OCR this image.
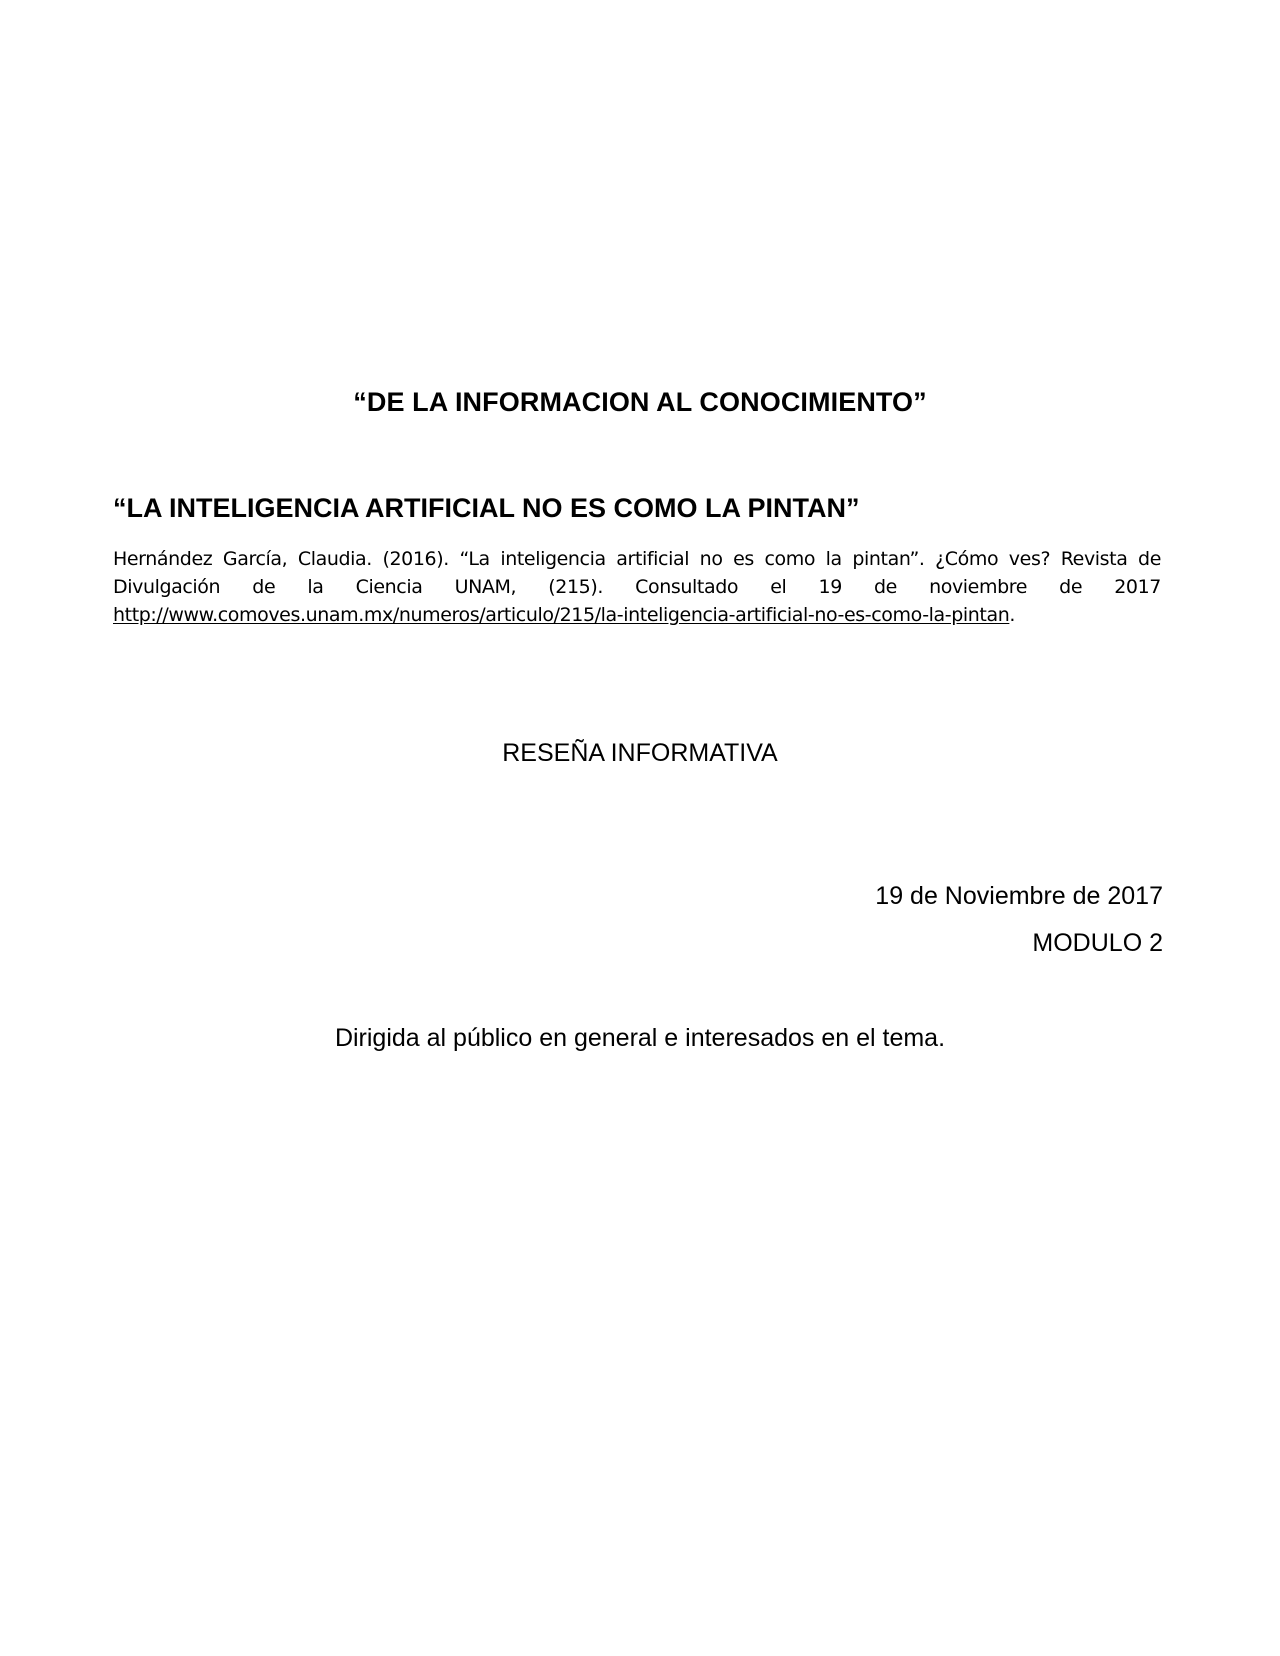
“DE LA INFORMACION AL CONOCIMIENTO”
“LA INTELIGENCIA ARTIFICIAL NO ES COMO LA PINTAN”
Hernández García, Claudia. (2016). “La inteligencia artificial no es como la pintan”. ¿Cómo ves? Revista de
Divulgación de la Ciencia UNAM, (215). Consultado el 19 de noviembre de 2017
http://www.comoves.unam.mx/numeros/articulo/215/la-inteligencia-artificial-no-es-como-la-pintan.
RESEÑA INFORMATIVA
19 de Noviembre de 2017
MODULO 2
Dirigida al público en general e interesados en el tema.
